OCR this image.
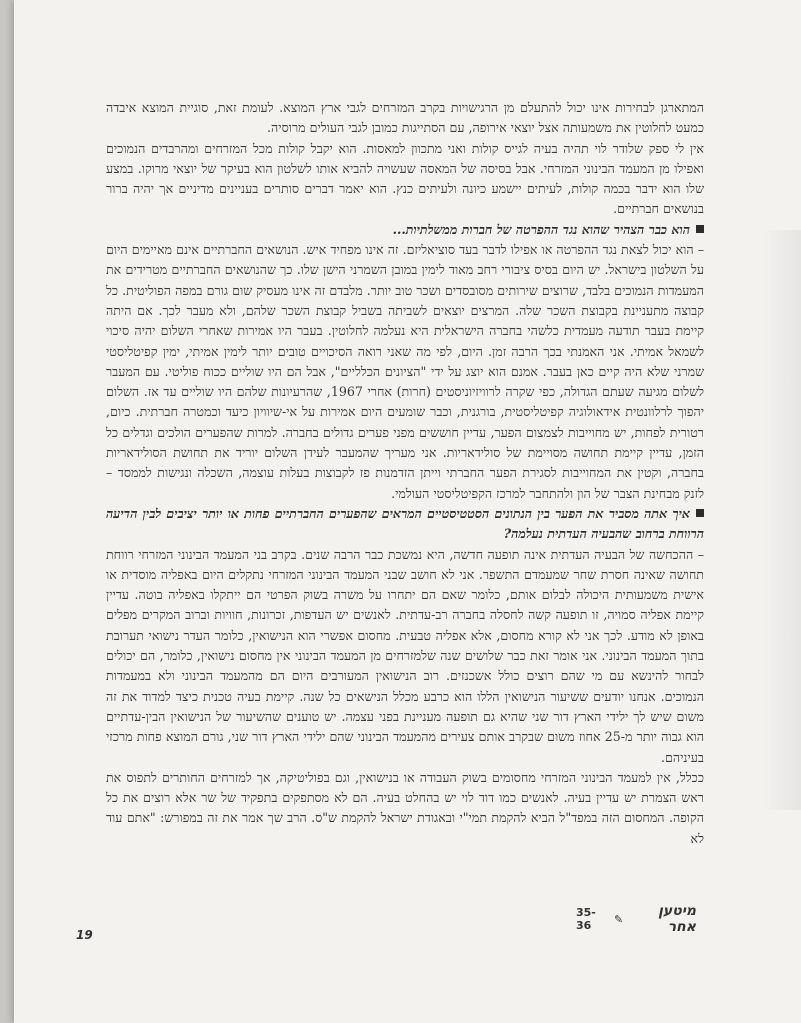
המתארגן לבחירות אינו יכול להתעלם מן הרגישויות בקרב המזרחים לגבי ארץ המוצא. לעומת זאת, סוגיית המוצא איבדה כמעט לחלוטין את משמעותה אצל יוצאי אירופה, עם הסתייגות כמובן לגבי העולים מרוסיה.

אין לי ספק שלודר לוי תהיה בעיה לגייס קולות ואני מתכוון למאסות. הוא יקבל קולות מכל המזרחים ומהרבדים הנמוכים ואפילו מן המעמד הבינוני המזרחי. אבל בסיסה של המאסה שעשויה להביא אותו לשלטון הוא בעיקר של יוצאי מרוקו. במצע שלו הוא ידבר בכמה קולות, לעיתים יישמע כיונה ולעיתים כנץ. הוא יאמר דברים סותרים בעניינים מדיניים אך יהיה ברור בנושאים חברתיים.

הוא כבר הצהיר שהוא נגד ההפרטה של חברות ממשלתיות...

– הוא יכול לצאת נגד ההפרטה או אפילו לדבר בעד סוציאליזם. זה אינו מפחיד איש. הנושאים החברתיים אינם מאיימים היום על השלטון בישראל. יש היום בסיס ציבורי רחב מאוד לימין במובן השמרני הישן שלו. כך שהנושאים החברתיים מטרידים את המעמדות הנמוכים בלבד, שרוצים שירותים מסובסדים ושכר טוב יותר. מלבדם זה אינו מעסיק שום גורם במפה הפוליטית. כל קבוצה מתעניינת בקבוצת השכר שלה. המרצים יוצאים לשביתה בשביל קבוצת השכר שלהם, ולא מעבר לכך. אם היתה קיימת בעבר תודעה מעמדית כלשהי בחברה הישראלית היא נעלמה לחלוטין. בעבר היו אמירות שאחרי השלום יהיה סיכוי לשמאל אמיתי. אני האמנתי בכך הרבה זמן. היום, לפי מה שאני רואה הסיכויים טובים יותר לימין אמיתי, ימין קפיטליסטי שמרני שלא היה קיים כאן בעבר. אמנם הוא יוצג על ידי "הציונים הכלליים", אבל הם היו שוליים ככוח פוליטי. עם המעבר לשלום מגיעה שעתם הגדולה, כפי שקרה לרוויזיוניסטים (חרות) אחרי 1967, שהרעיונות שלהם היו שוליים עד אז. השלום יהפוך לרלוונטית אידאולוגיה קפיטליסטית, בורגנית, וכבר שומעים היום אמירות על אי-שיוויון כיעד וכמטרה חברתית. כיום, רטורית לפחות, יש מחוייבות לצמצום הפער, עדיין חוששים מפני פערים גדולים בחברה. למרות שהפערים הולכים וגדלים כל הזמן, עדיין קיימת תחושה מסויימת של סולידאריות. אני מעריך שהמעבר לעידן השלום יוריד את תחושת הסולידאריות בחברה, וקטין את המחוייבות לסגירת הפער החברתי וייתן הזדמנות פז לקבוצות בעלות עוצמה, השכלה ונגישות לממסד – לזנק מבחינת הצבר של הון ולהתחבר למרכז הקפיטליסטי העולמי.

איך אתה מסביר את הפער בין הנתונים הסטטיסטיים המראים שהפערים החברתיים פחות או יותר יציבים לבין הדיעה הרווחת ברחוב שהבעיה העדתית נעלמה?

– ההכחשה של הבעיה העדתית אינה תופעה חדשה, היא נמשכת כבר הרבה שנים. בקרב בני המעמד הבינוני המזרחי רווחת תחושה שאינה חסרת שחר שמעמדם התשפר. אני לא חושב שבני המעמד הבינוני המזרחי נתקלים היום באפליה מוסדית או אישית משמעותית היכולה לבלום אותם, כלומר שאם הם יתחרו על משרה בשוק הפרטי הם ייתקלו באפליה בוטה. עדיין קיימת אפליה סמויה, זו תופעה קשה לחסלה בחברה רב-עדתית. לאנשים יש העדפות, זכרונות, חוויות וברוב המקרים מפלים באופן לא מודע. לכך אני לא קורא מחסום, אלא אפליה טבעית. מחסום אפשרי הוא הנישואין, כלומר העדר נישואי תערובת בתוך המעמד הבינוני. אני אומר זאת כבר שלושים שנה שלמזרחים מן המעמד הבינוני אין מחסום נישואין, כלומר, הם יכולים לבחור להינשא עם מי שהם רוצים כולל אשכנזים. רוב הנישואין המעורבים היום הם מהמעמד הבינוני ולא במעמדות הנמוכים. אנחנו יודעים ששיעור הנישואין הללו הוא כרבע מכלל הנישאים כל שנה. קיימת בעיה טכנית כיצד למדוד את זה משום שיש לך ילידי הארץ דור שני שהיא גם תופעה מעניינת בפני עצמה. יש טוענים שהשיעור של הנישואין הבין-עדתיים הוא גבוה יותר מ-25 אחוז משום שבקרב אותם צעירים מהמעמד הבינוני שהם ילידי הארץ דור שני, גורם המוצא פחות מרכזי בעיניהם.

ככלל, אין למעמד הבינוני המזרחי מחסומים בשוק העבודה או בנישואין, וגם בפוליטיקה, אך למזרחים החותרים לתפוס את ראש הצמרת יש עדיין בעיה. לאנשים כמו דוד לוי יש בהחלט בעיה. הם לא מסתפקים בתפקיד של שר אלא רוצים את כל הקופה. המחסום הזה במפד"ל הביא להקמת תמי"י ובאגודת ישראל להקמת ש"ס. הרב שך אמר את זה במפורש: "אתם עוד לא

19
מיטען אחר
✎
35-36
